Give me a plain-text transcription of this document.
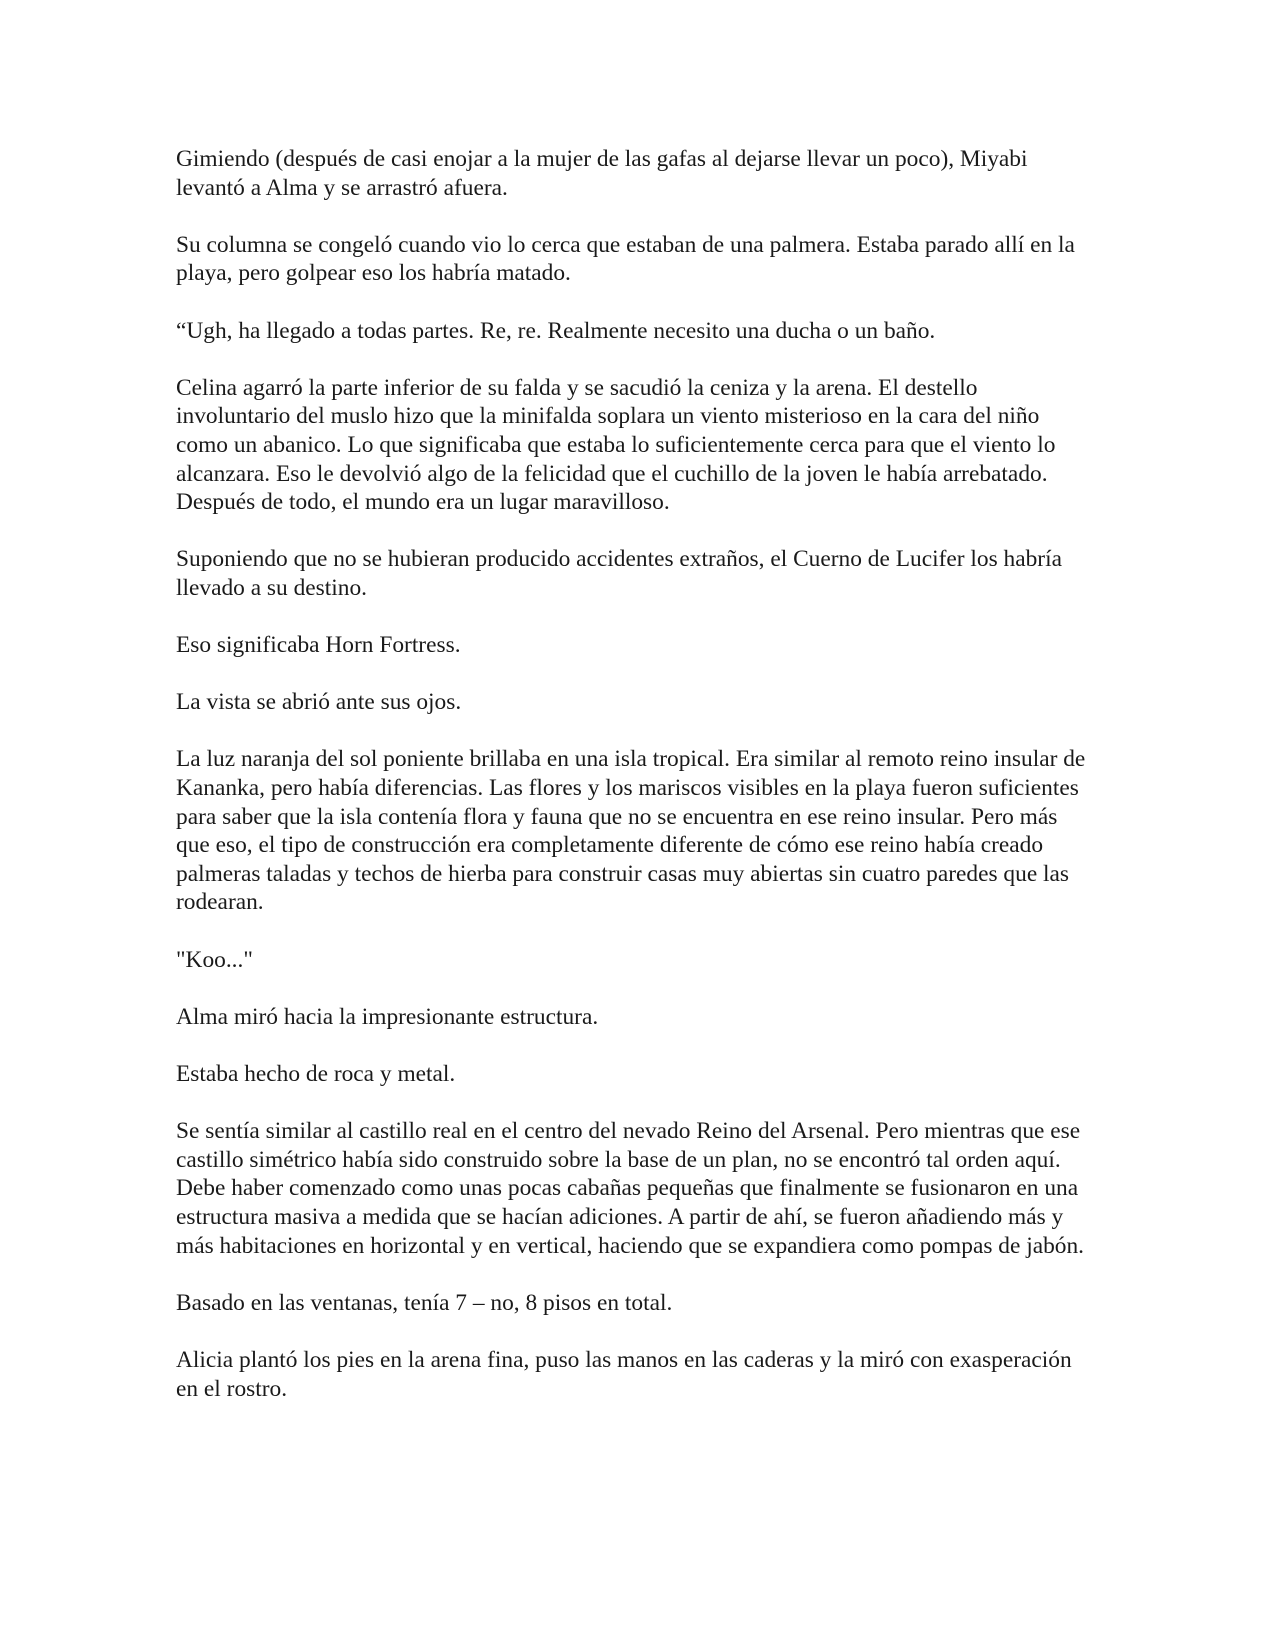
Gimiendo (después de casi enojar a la mujer de las gafas al dejarse llevar un poco), Miyabi levantó a Alma y se arrastró afuera.

Su columna se congeló cuando vio lo cerca que estaban de una palmera. Estaba parado allí en la playa, pero golpear eso los habría matado.

“Ugh, ha llegado a todas partes. Re, re. Realmente necesito una ducha o un baño.

Celina agarró la parte inferior de su falda y se sacudió la ceniza y la arena. El destello involuntario del muslo hizo que la minifalda soplara un viento misterioso en la cara del niño como un abanico. Lo que significaba que estaba lo suficientemente cerca para que el viento lo alcanzara. Eso le devolvió algo de la felicidad que el cuchillo de la joven le había arrebatado. Después de todo, el mundo era un lugar maravilloso.

Suponiendo que no se hubieran producido accidentes extraños, el Cuerno de Lucifer los habría llevado a su destino.

Eso significaba Horn Fortress.

La vista se abrió ante sus ojos.

La luz naranja del sol poniente brillaba en una isla tropical. Era similar al remoto reino insular de Kananka, pero había diferencias. Las flores y los mariscos visibles en la playa fueron suficientes para saber que la isla contenía flora y fauna que no se encuentra en ese reino insular. Pero más que eso, el tipo de construcción era completamente diferente de cómo ese reino había creado palmeras taladas y techos de hierba para construir casas muy abiertas sin cuatro paredes que las rodearan.

"Koo..."

Alma miró hacia la impresionante estructura.

Estaba hecho de roca y metal.

Se sentía similar al castillo real en el centro del nevado Reino del Arsenal. Pero mientras que ese castillo simétrico había sido construido sobre la base de un plan, no se encontró tal orden aquí. Debe haber comenzado como unas pocas cabañas pequeñas que finalmente se fusionaron en una estructura masiva a medida que se hacían adiciones. A partir de ahí, se fueron añadiendo más y más habitaciones en horizontal y en vertical, haciendo que se expandiera como pompas de jabón.

Basado en las ventanas, tenía 7 – no, 8 pisos en total.

Alicia plantó los pies en la arena fina, puso las manos en las caderas y la miró con exasperación en el rostro.
